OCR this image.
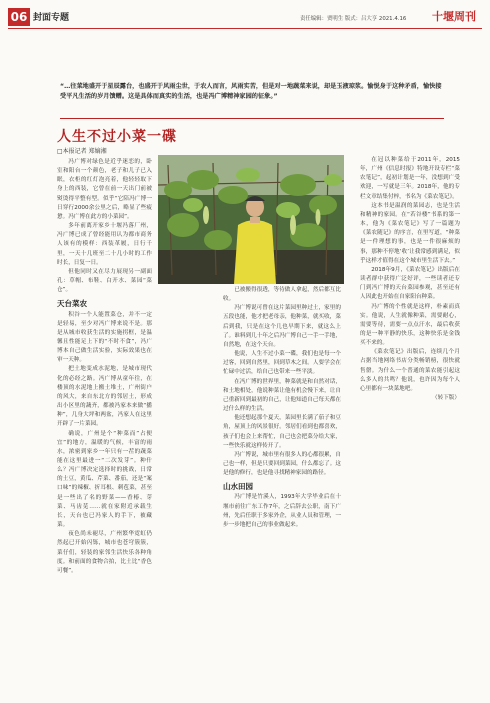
06 封面专题	责任编辑：贾明生 版式：吕大亨 2021.4.16 十堰周刊
“…往菜地盛开于星辰露台，也盛开于风雨尘世，于农人而言，风雨实苦，但是对一地蔬菜来说，却是玉液琼浆。愉悦身于这种矛盾，愉快接受平凡生活的岁月馈赠。这是具体而真实的生活，也是冯广博精神家园的征象。”
人生不过小菜一碟
□本报记者 郑嫡湘

冯广博对绿色是近乎迷恋的，卧室和阳台一个颜色，老子和儿子已入眠，衣柜的红灯泡亮着，他轻轻取下身上的西装，它曾在前一天出门前被熨烫得平整有型。似乎“它陪冯广博一日穿行2000余公里之后，略显了些疲惫。冯广博在此方的小菜园”。

多年前离开家乡十堰冯落厂州，冯广博已成了曾经能用认为都市商务人该有的模样：西装革履，日行千里，一天十几班至二十几小时的工作时长，日复一日。

但他同时又在尽力展现另一副面孔：草帽、布鞋、白开水、菜园“菜仓”。

天台菜农

积谷一个人能置菜仓，并不一定是轻易，至少对冯广博来说不是。那是从城市收获生活的实施拐框，是温馨且性能足上下的“不时不食”，冯广博本自己做生活实验，实际效果也在审一天种。

把土地变成水泥地，是城市现代化的必经之路。冯广博从童年往，在楼顶的水泥地上搬土堆土，广州街户的风大，来自东北方的邻居土，形成出小区里的蔬齐，都被冯家本来做“播种”，几身大坪和两盆，冯家人在这里开辟了一片菜园。

确说，广州是个“种菜而”占便宜”的地方，温暖的气候，丰富的雨水，浓密到家乡一年只有一茬的蔬菜能在这里最进一“二次发芽”。种什么？冯广博决定选择时的挑战，日常的土豆，黄瓜、芹菜、番茄，还是“案口味”的辣椒、折耳根、刺苞菜，甚至是一些出了名的野菜——香椿、芽菜、马齿苋……就在家附近承载生长，天台也已冯家人的手下，被藏菜。

夜色尚未褪尽，广州繁华霓虹仍然起已开始闪铄，城市也苍穹簇簇，菜仔们，轻装的家邻生活快乐各种角度。和前面的食物合拍，比土比“香色可餐”。

已被搬得很透，等待做人拿起，然后都互比收。

冯广博说可曾在这片菜园里种过土，家里的五段也能，他才把老母亲，他种菜，就买收，菜后到我，只是在这个几也早期下来，就这么上了。谁料到几十年之后冯广博自己一手一手地，自然地，在这个天台。

他说，人生不过小菜一碟，我们也是每一个过客，回到自然里，回到草木之间。人要学会在忙碌中过活，给自己也带来一些平淡。

在冯广博的世界里，种菜就是和自然对话，和土地相处，他说种菜让他有机会慢下来，让自己重新回到最初的自己，让他知道自己每天都在过什么样的生活。

他还想起那个夏天，菜园里长满了茄子和豆角，屋顶上的风景很好。邻居们看到也都喜欢，孩子们也会上来帮忙，自己也会把菜分给大家，一些快乐就这样传开了。

冯广博说，城市里有很多人的心都很累，自己也一样，但是只要回到菜园，什么都忘了。这是他的修行，也是他寻找精神家园的路径。

山水田园

冯广博是竹溪人，1993年大学毕业后在十堰市前往广东工作7年，之后辞去公职，南下广州，先后任职于多家外企，从业人员和管理，一步一步地把自己的事业做起来。

在冠以种菜给于2011年，2015年，广州《信息时报》特地开设专栏“菜农笔记”，起初计划是一年，没想到广受欢迎，一写就是三年。2018年，他的专栏文章结集付梓，书名为《菜农笔记》。

这本书是温润的菜园志，也是生活和精神的家园。在“若谷楼”书系的第一本，他为《菜农笔记》写了一篇题为《菜农随记》的序言，在里写道，“种菜是一件理想的事，也是一件很麻烦的事，那种不停地‘收’让我常感到满足，似乎这样才值得在这个城市里生活下去。”

2018年9月，《菜农笔记》出版后在读者群中获得广泛好评，一些读者还专门到冯广博的天台菜园参观，甚至还有人因此也开始在自家阳台种菜。

冯广博的个性就是这样，朴素而真实。他说，人生就像种菜，需要耐心，需要等待，需要一点点汗水，最后收获的是一种平静的快乐，这种快乐是金钱买不来的。

《菜农笔记》出版后，连续几个月占据当地网络书店分类畅销榜，很快就售罄。为什么一个普通的菜农能引起这么多人的共鸣？他说，也许因为每个人心里都有一块菜地吧。

（转下版）
